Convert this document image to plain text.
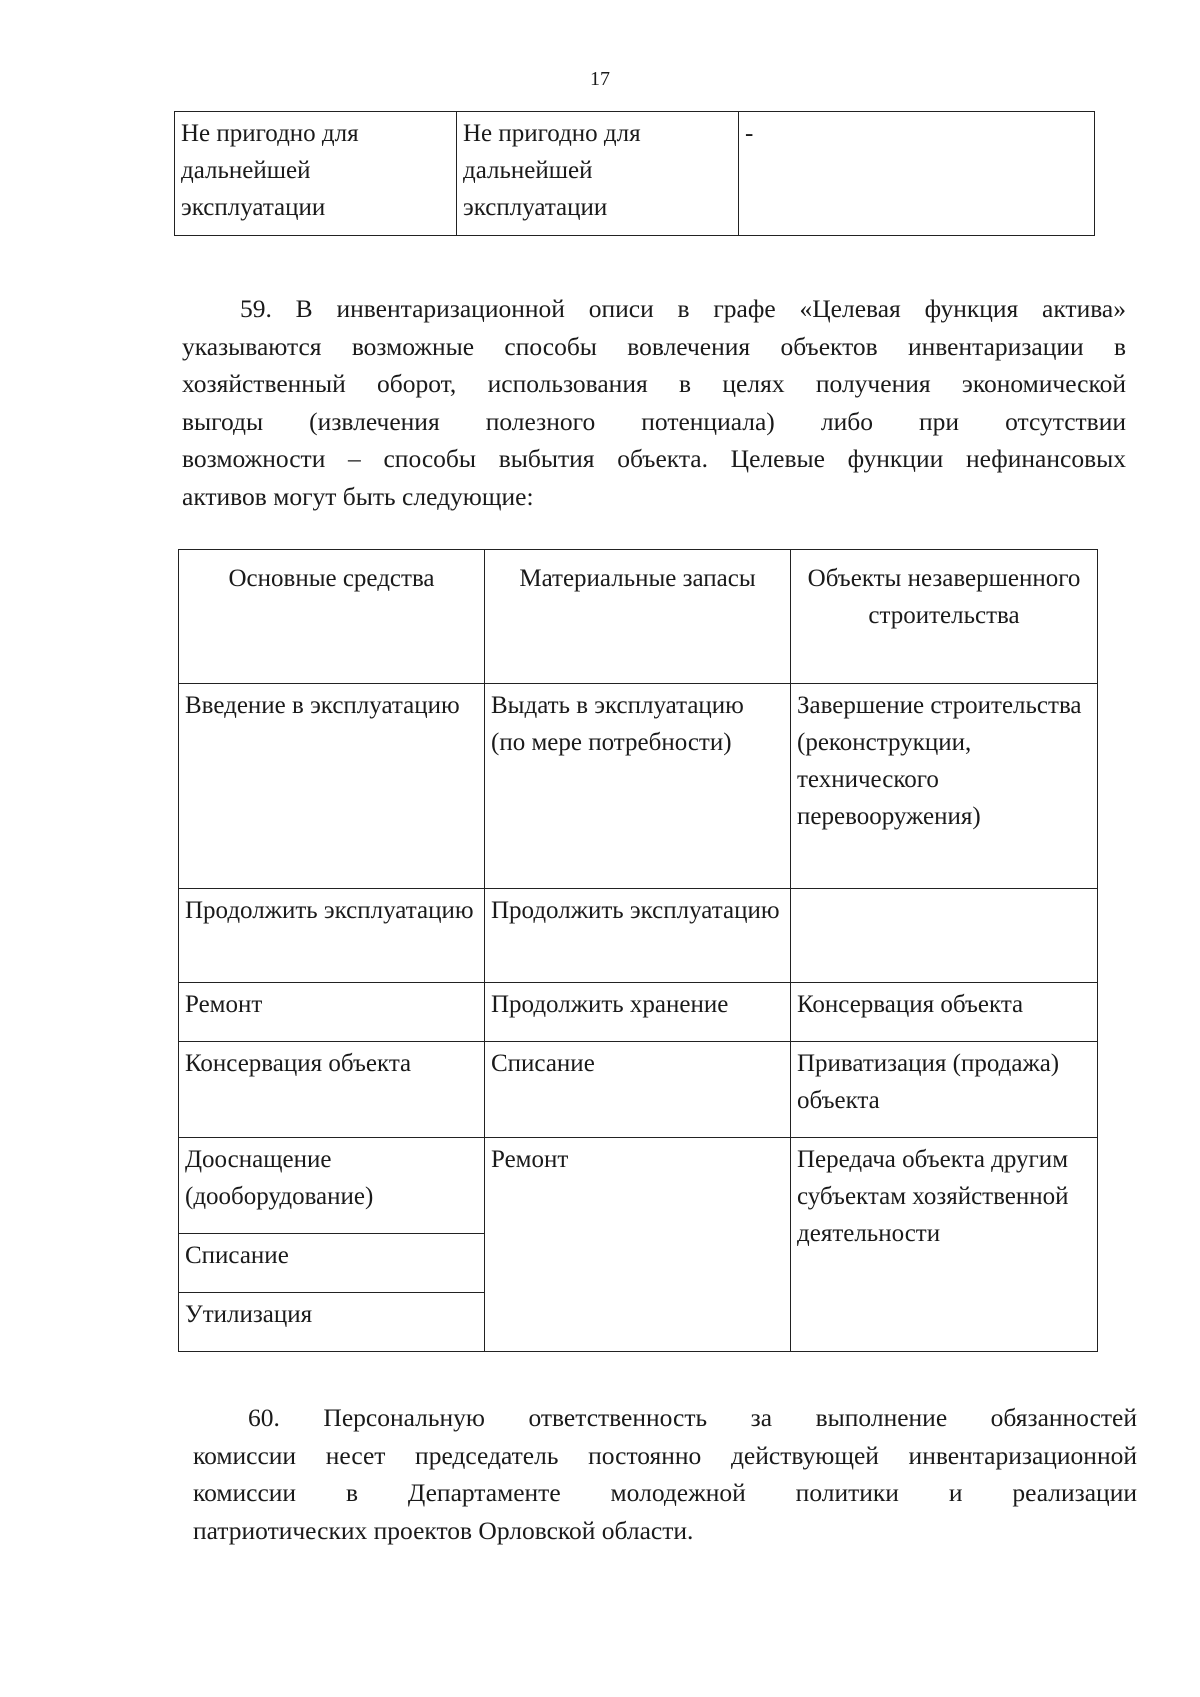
17
Не пригодно для дальнейшей эксплуатации	Не пригодно для дальнейшей эксплуатации	-

59. В инвентаризационной описи в графе «Целевая функция актива»
указываются возможные способы вовлечения объектов инвентаризации в
хозяйственный оборот, использования в целях получения экономической
выгоды (извлечения полезного потенциала) либо при отсутствии
возможности – способы выбытия объекта. Целевые функции нефинансовых
активов могут быть следующие:

Основные средства	Материальные запасы	Объекты незавершенного строительства
Введение в эксплуатацию	Выдать в эксплуатацию (по мере потребности)	Завершение строительства (реконструкции, технического перевооружения)
Продолжить эксплуатацию	Продолжить эксплуатацию	
Ремонт	Продолжить хранение	Консервация объекта
Консервация объекта	Списание	Приватизация (продажа) объекта
Дооснащение (дооборудование)	Ремонт	Передача объекта другим субъектам хозяйственной деятельности
Списание		
Утилизация		

60. Персональную ответственность за выполнение обязанностей
комиссии несет председатель постоянно действующей инвентаризационной
комиссии в Департаменте молодежной политики и реализации
патриотических проектов Орловской области.
